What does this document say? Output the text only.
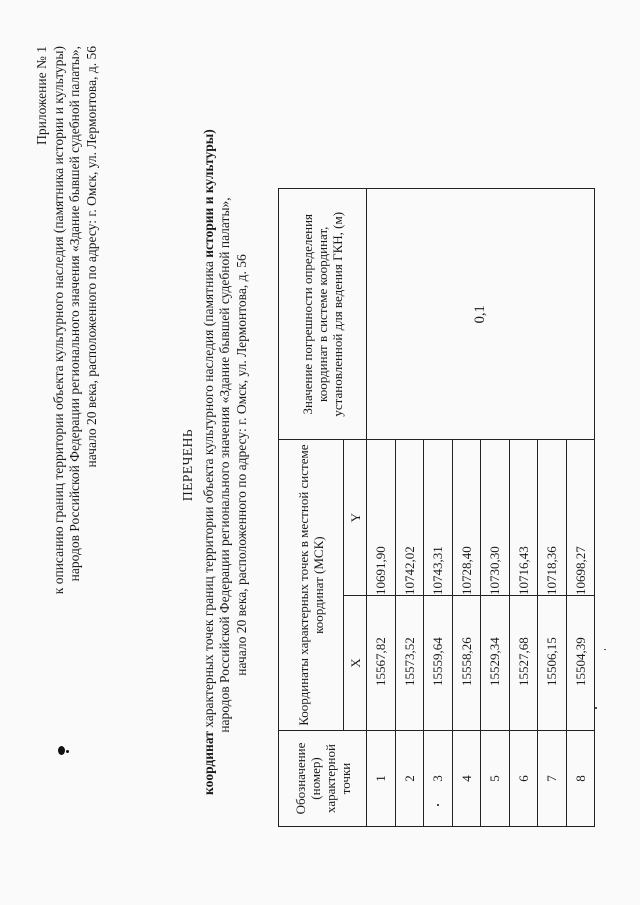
Приложение № 1 к описанию границ территории объекта культурного наследия (памятника истории и культуры) народов Российской Федерации регионального значения «Здание бывшей судебной палаты», начало 20 века, расположенного по адресу: г. Омск, ул. Лермонтова, д. 56	ПЕРЕЧЕНЬ
координат характерных точек границ территории объекта культурного наследия (памятника истории и культуры)
народов Российской Федерации регионального значения «Здание бывшей судебной палаты», начало 20 века, расположенного по адресу: г. Омск, ул. Лермонтова, д. 56
Обозначение (номер) характерной точки	Координаты характерных точек в местной системе координат (МСК)		Значение погрешности определения координат в системе координат, установленной для ведения ГКН, (м)
	X	Y	
1	15567,82	10691,90	0,1
2	15573,52	10742,02	
3	15559,64	10743,31	
4	15558,26	10728,40	
5	15529,34	10730,30	
6	15527,68	10716,43	
7	15506,15	10718,36	
8	15504,39	10698,27	
